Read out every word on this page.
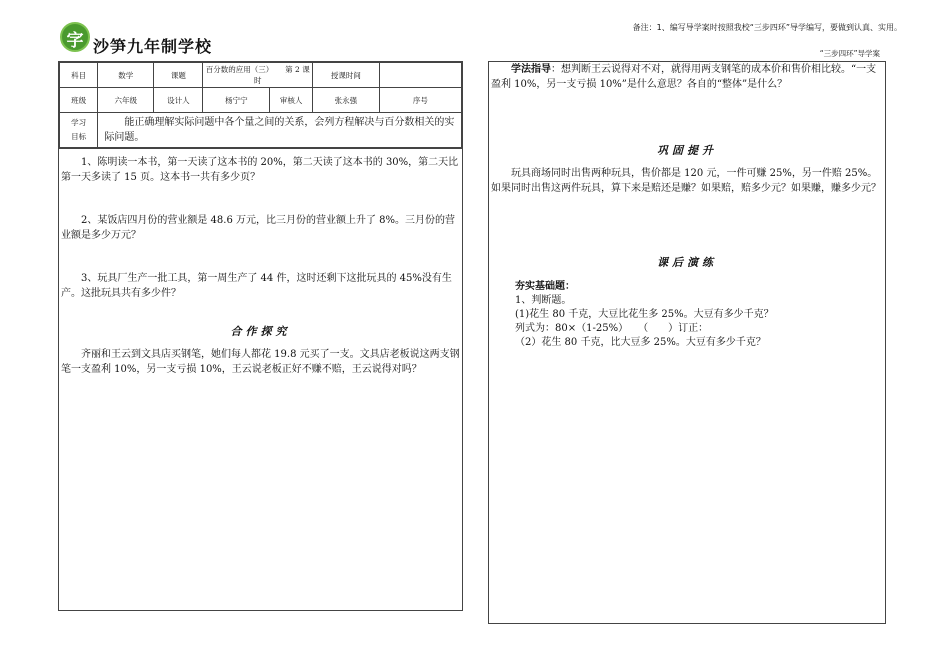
字 沙笋九年制学校
备注：1、编写导学案时按照我校“三步四环”导学编写，要做到认真、实用。
“三步四环”导学案
科目	数学	课题	百分数的应用（三） 第 2 课时		授课时间	
班级	六年级	设计人	杨宁宁	审核人	张永强	序号
学习
目标	能正确理解实际问题中各个量之间的关系，会列方程解决与百分数相关的实际问题。					
1、陈明读一本书，第一天读了这本书的 20%，第二天读了这本书的 30%，第二天比第一天多读了 15 页。这本书一共有多少页？
2、某饭店四月份的营业额是 48.6 万元，比三月份的营业额上升了 8%。三月份的营业额是多少万元？
3、玩具厂生产一批工具，第一周生产了 44 件，这时还剩下这批玩具的 45%没有生产。这批玩具共有多少件？
合作探究
齐丽和王云到文具店买钢笔，她们每人都花 19.8 元买了一支。文具店老板说这两支钢笔一支盈利 10%，另一支亏损 10%，王云说老板正好不赚不赔，王云说得对吗？
学法指导：想判断王云说得对不对，就得用两支钢笔的成本价和售价相比较。“一支盈利 10%，另一支亏损 10%”是什么意思？各自的“整体”是什么？
巩固提升
玩具商场同时出售两种玩具，售价都是 120 元，一件可赚 25%，另一件赔 25%。如果同时出售这两件玩具，算下来是赔还是赚？如果赔，赔多少元？如果赚，赚多少元？
课后演练
夯实基础题：
1、判断题。
(1)花生 80 千克，大豆比花生多 25%。大豆有多少千克？
列式为：80×（1-25%）　　（　　）订正：
（2）花生 80 千克，比大豆多 25%。大豆有多少千克？
